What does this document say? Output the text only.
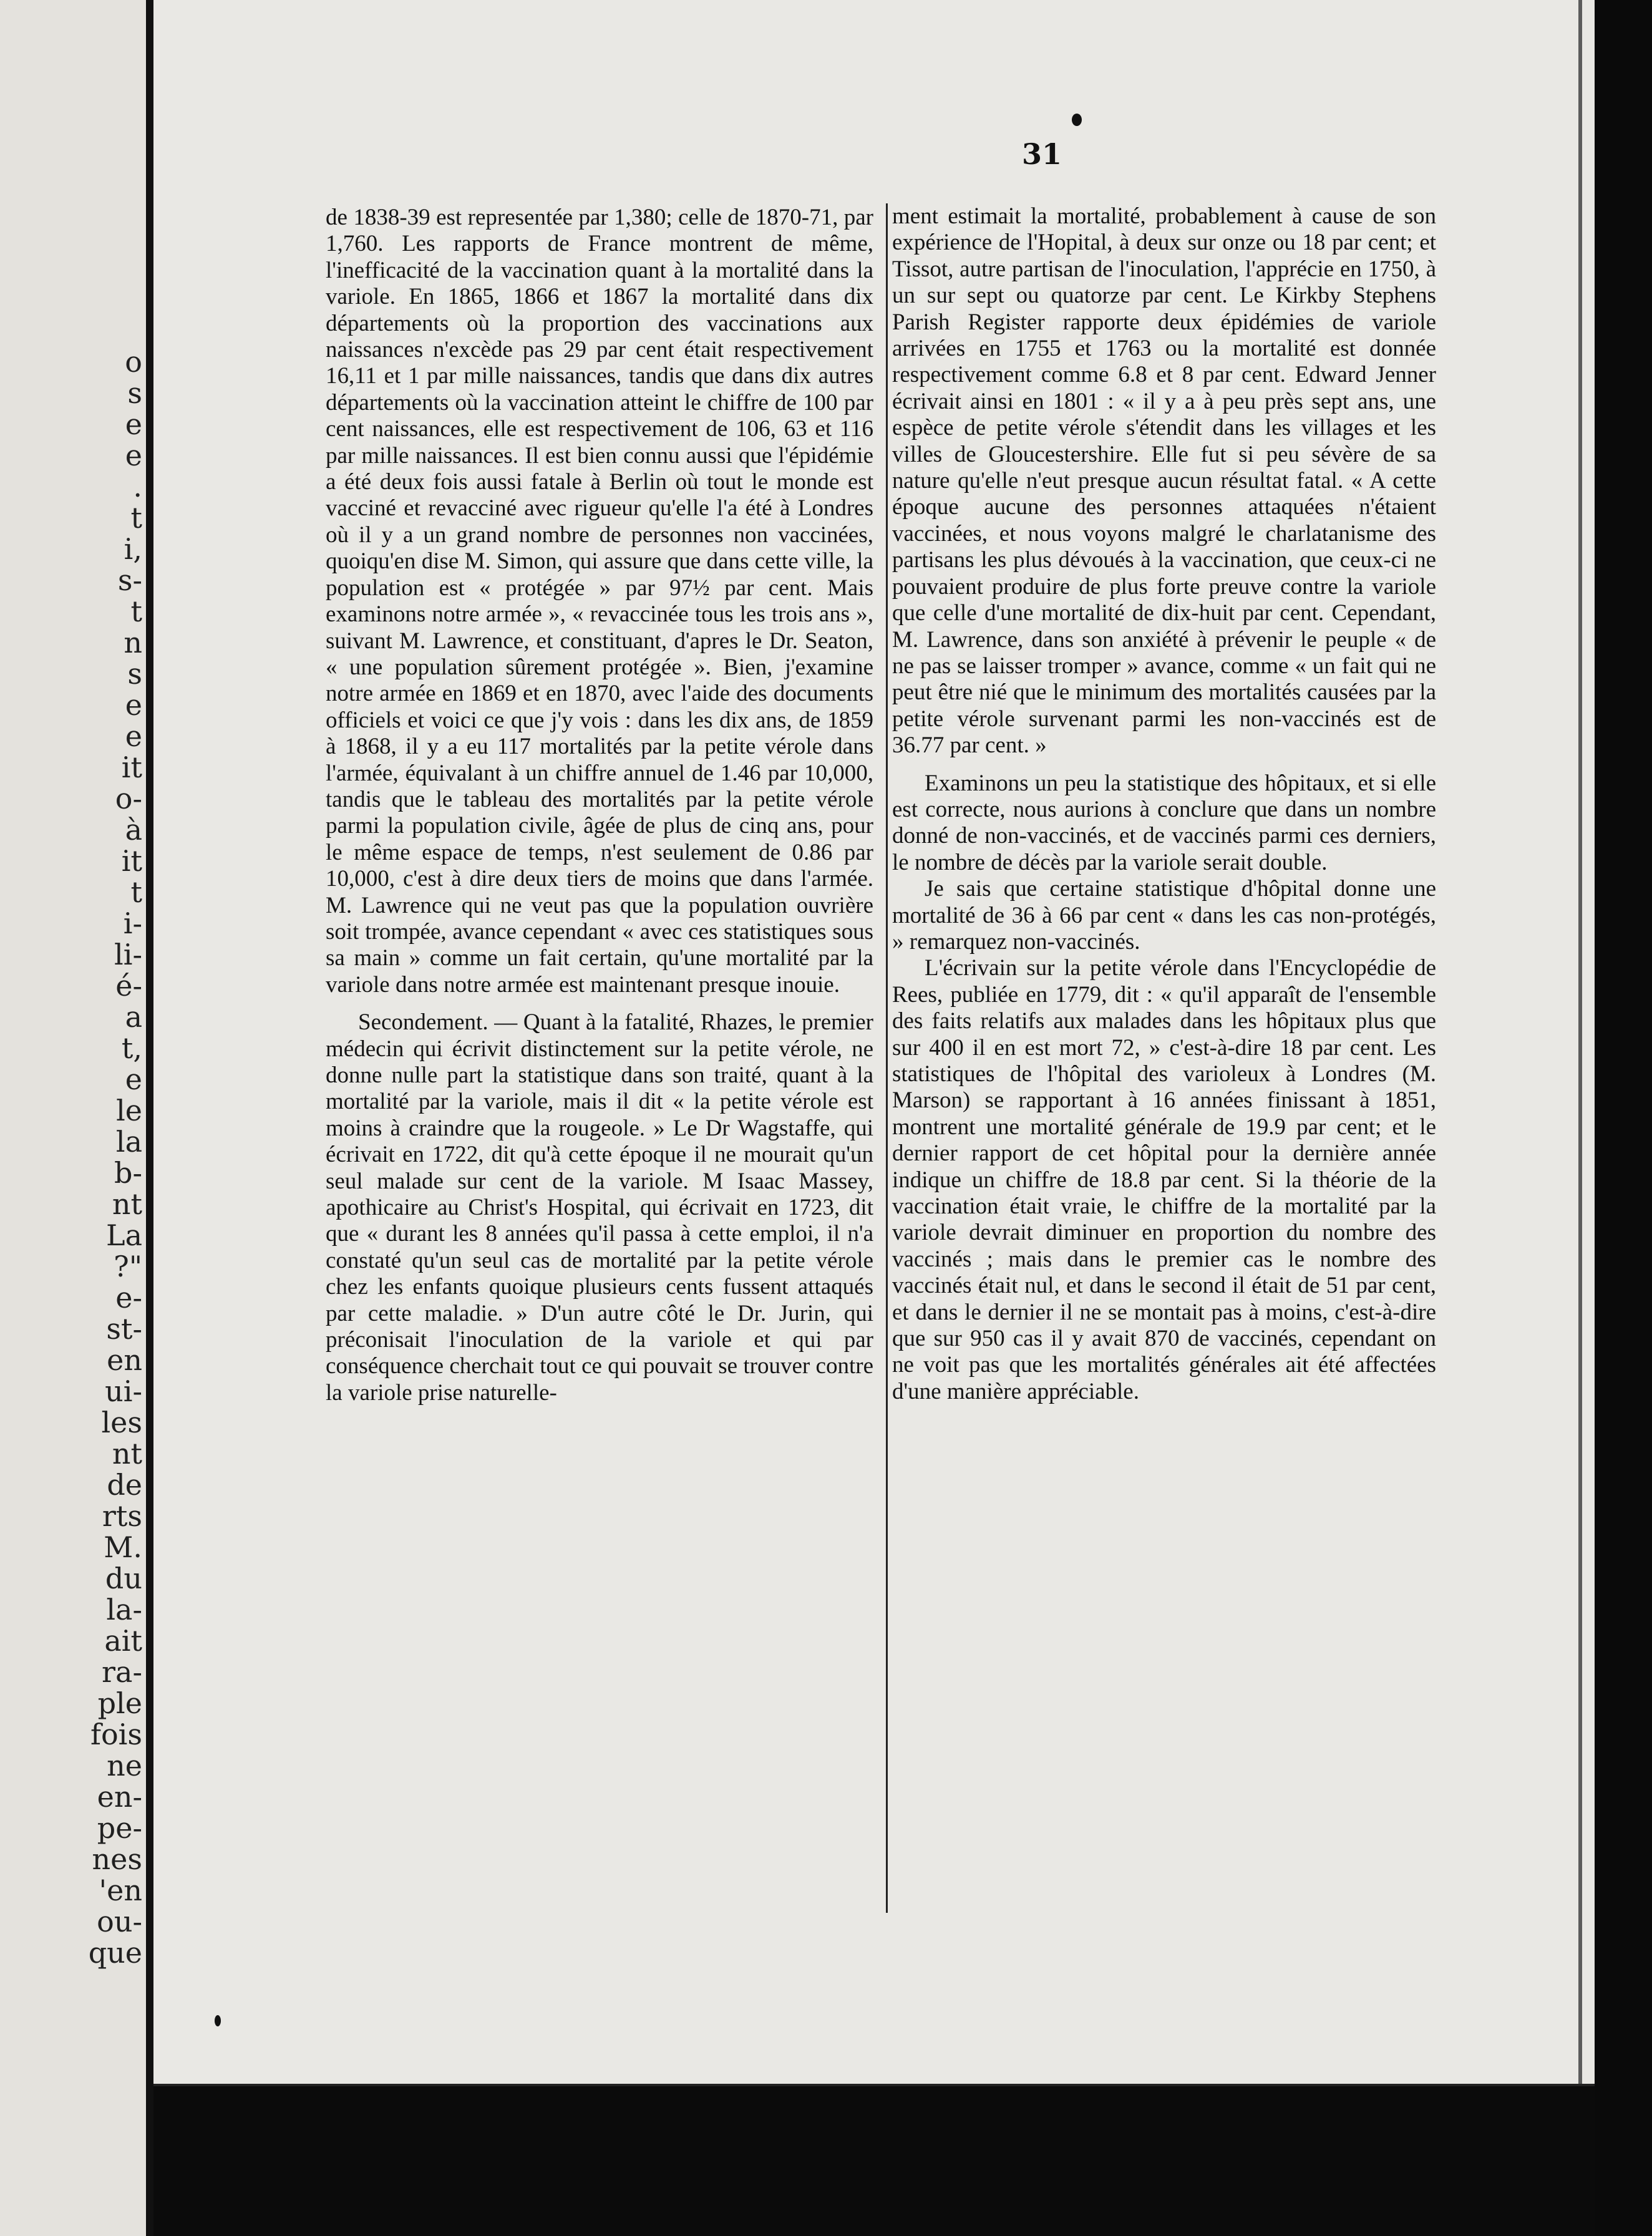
o
s
e
e
.
t
i,
s-
t
n
s
e
e
it
o-
à
it
t
i-
li-
é-
a
t,
e
le
la
b-
nt
La
?"
e-
st-
en
ui-
les
nt
de
rts
M.
du
la-
ait
ra-
ple
fois
ne
en-
pe-
nes
'en
ou-
que
31

de 1838-39 est representée par 1,380; celle de 1870-71, par 1,760. Les rapports de France montrent de même, l'inefficacité de la vaccination quant à la mortalité dans la variole. En 1865, 1866 et 1867 la mortalité dans dix départements où la proportion des vaccinations aux naissances n'excède pas 29 par cent était respectivement 16,11 et 1 par mille naissances, tandis que dans dix autres départements où la vaccination atteint le chiffre de 100 par cent naissances, elle est respectivement de 106, 63 et 116 par mille naissances. Il est bien connu aussi que l'épidémie a été deux fois aussi fatale à Berlin où tout le monde est vacciné et revacciné avec rigueur qu'elle l'a été à Londres où il y a un grand nombre de personnes non vaccinées, quoiqu'en dise M. Simon, qui assure que dans cette ville, la population est « protégée » par 97½ par cent. Mais examinons notre armée », « revaccinée tous les trois ans », suivant M. Lawrence, et constituant, d'apres le Dr. Seaton, « une population sûrement protégée ». Bien, j'examine notre armée en 1869 et en 1870, avec l'aide des documents officiels et voici ce que j'y vois : dans les dix ans, de 1859 à 1868, il y a eu 117 mortalités par la petite vérole dans l'armée, équivalant à un chiffre annuel de 1.46 par 10,000, tandis que le tableau des mortalités par la petite vérole parmi la population civile, âgée de plus de cinq ans, pour le même espace de temps, n'est seulement de 0.86 par 10,000, c'est à dire deux tiers de moins que dans l'armée. M. Lawrence qui ne veut pas que la population ouvrière soit trompée, avance cependant « avec ces statistiques sous sa main » comme un fait certain, qu'une mortalité par la variole dans notre armée est maintenant presque inouie.

Secondement. — Quant à la fatalité, Rhazes, le premier médecin qui écrivit distinctement sur la petite vérole, ne donne nulle part la statistique dans son traité, quant à la mortalité par la variole, mais il dit « la petite vérole est moins à craindre que la rougeole. » Le Dr Wagstaffe, qui écrivait en 1722, dit qu'à cette époque il ne mourait qu'un seul malade sur cent de la variole. M Isaac Massey, apothicaire au Christ's Hospital, qui écrivait en 1723, dit que « durant les 8 années qu'il passa à cette emploi, il n'a constaté qu'un seul cas de mortalité par la petite vérole chez les enfants quoique plusieurs cents fussent attaqués par cette maladie. » D'un autre côté le Dr. Jurin, qui préconisait l'inoculation de la variole et qui par conséquence cherchait tout ce qui pouvait se trouver contre la variole prise naturelle-

ment estimait la mortalité, probablement à cause de son expérience de l'Hopital, à deux sur onze ou 18 par cent; et Tissot, autre partisan de l'inoculation, l'apprécie en 1750, à un sur sept ou quatorze par cent. Le Kirkby Stephens Parish Register rapporte deux épidémies de variole arrivées en 1755 et 1763 ou la mortalité est donnée respectivement comme 6.8 et 8 par cent. Edward Jenner écrivait ainsi en 1801 : « il y a à peu près sept ans, une espèce de petite vérole s'étendit dans les villages et les villes de Gloucestershire. Elle fut si peu sévère de sa nature qu'elle n'eut presque aucun résultat fatal. « A cette époque aucune des personnes attaquées n'étaient vaccinées, et nous voyons malgré le charlatanisme des partisans les plus dévoués à la vaccination, que ceux-ci ne pouvaient produire de plus forte preuve contre la variole que celle d'une mortalité de dix-huit par cent. Cependant, M. Lawrence, dans son anxiété à prévenir le peuple « de ne pas se laisser tromper » avance, comme « un fait qui ne peut être nié que le minimum des mortalités causées par la petite vérole survenant parmi les non-vaccinés est de 36.77 par cent. »

Examinons un peu la statistique des hôpitaux, et si elle est correcte, nous aurions à conclure que dans un nombre donné de non-vaccinés, et de vaccinés parmi ces derniers, le nombre de décès par la variole serait double.

Je sais que certaine statistique d'hôpital donne une mortalité de 36 à 66 par cent « dans les cas non-protégés, » remarquez non-vaccinés.

L'écrivain sur la petite vérole dans l'Encyclopédie de Rees, publiée en 1779, dit : « qu'il apparaît de l'ensemble des faits relatifs aux malades dans les hôpitaux plus que sur 400 il en est mort 72, » c'est-à-dire 18 par cent. Les statistiques de l'hôpital des varioleux à Londres (M. Marson) se rapportant à 16 années finissant à 1851, montrent une mortalité générale de 19.9 par cent; et le dernier rapport de cet hôpital pour la dernière année indique un chiffre de 18.8 par cent. Si la théorie de la vaccination était vraie, le chiffre de la mortalité par la variole devrait diminuer en proportion du nombre des vaccinés ; mais dans le premier cas le nombre des vaccinés était nul, et dans le second il était de 51 par cent, et dans le dernier il ne se montait pas à moins, c'est-à-dire que sur 950 cas il y avait 870 de vaccinés, cependant on ne voit pas que les mortalités générales ait été affectées d'une manière appréciable.
